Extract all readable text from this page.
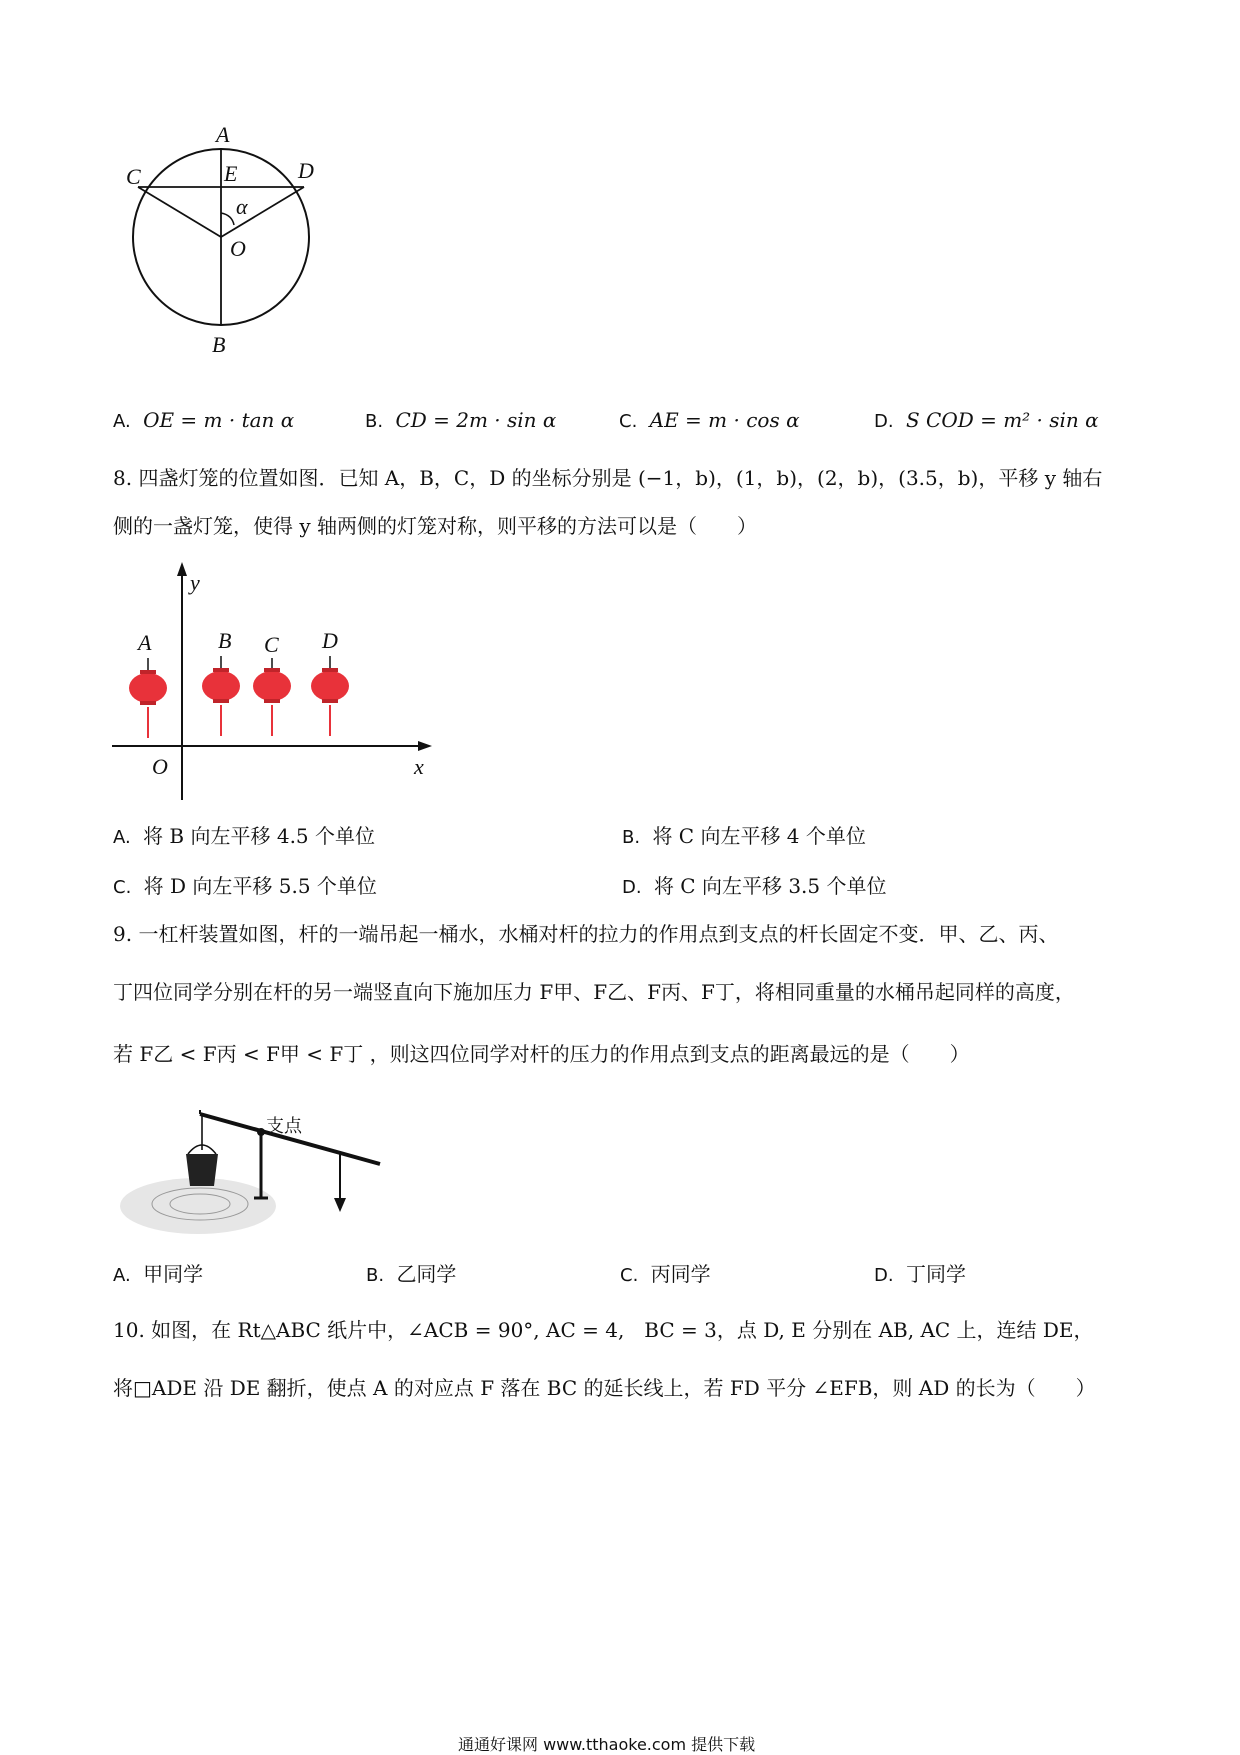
A
C	E	D
α
O
B
A. OE = m · tan α	B. CD = 2m · sin α	C. AE = m · cos α	D. S COD = m² · sin α
8. 四盏灯笼的位置如图．已知 A，B，C，D 的坐标分别是 (−1，b)，(1，b)，(2，b)，(3.5，b)，平移 y 轴右
侧的一盏灯笼，使得 y 轴两侧的灯笼对称，则平移的方法可以是（　　）
y
x
O
A	B C D
A. 将 B 向左平移 4.5 个单位	B. 将 C 向左平移 4 个单位
C. 将 D 向左平移 5.5 个单位	D. 将 C 向左平移 3.5 个单位
9. 一杠杆装置如图，杆的一端吊起一桶水，水桶对杆的拉力的作用点到支点的杆长固定不变．甲、乙、丙、
丁四位同学分别在杆的另一端竖直向下施加压力 F甲、F乙、F丙、F丁，将相同重量的水桶吊起同样的高度，
若 F乙 < F丙 < F甲 < F丁 ，则这四位同学对杆的压力的作用点到支点的距离最远的是（　　）
支点
A. 甲同学	B. 乙同学	C. 丙同学	D. 丁同学
10. 如图，在 Rt△ABC 纸片中，∠ACB = 90°, AC = 4,　BC = 3，点 D, E 分别在 AB, AC 上，连结 DE，
将□ADE 沿 DE 翻折，使点 A 的对应点 F 落在 BC 的延长线上，若 FD 平分 ∠EFB，则 AD 的长为（　　）
通通好课网 www.tthaoke.com 提供下载
